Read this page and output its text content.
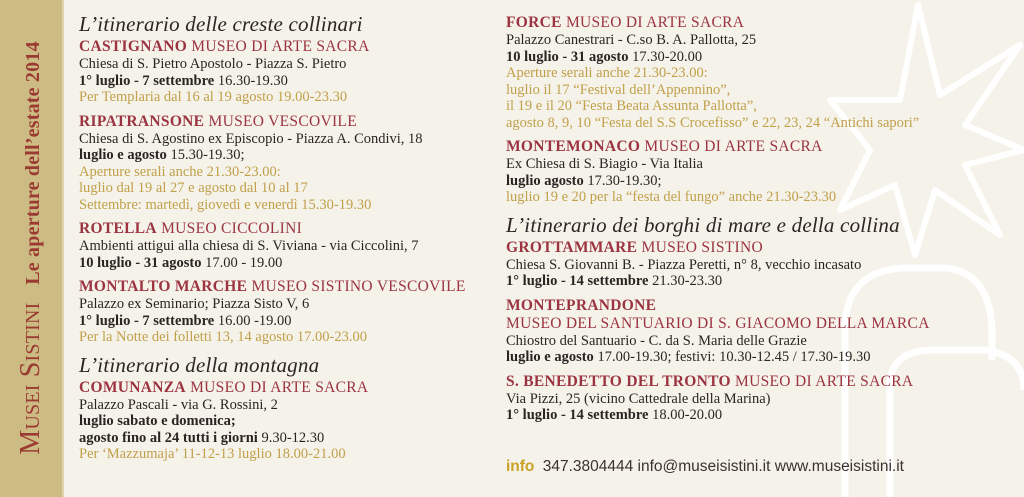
Musei Sistini Le aperture dell’estate 2014
L’itinerario delle creste collinari
CASTIGNANO MUSEO DI ARTE SACRA
Chiesa di S. Pietro Apostolo - Piazza S. Pietro
1° luglio - 7 settembre 16.30-19.30
Per Templaria dal 16 al 19 agosto 19.00-23.30
RIPATRANSONE MUSEO VESCOVILE
Chiesa di S. Agostino ex Episcopio - Piazza A. Condivi, 18
luglio e agosto 15.30-19.30;
Aperture serali anche 21.30-23.00:
luglio dal 19 al 27 e agosto dal 10 al 17
Settembre: martedì, giovedì e venerdì 15.30-19.30
ROTELLA MUSEO CICCOLINI
Ambienti attigui alla chiesa di S. Viviana - via Ciccolini, 7
10 luglio - 31 agosto 17.00 - 19.00
MONTALTO MARCHE MUSEO SISTINO VESCOVILE
Palazzo ex Seminario; Piazza Sisto V, 6
1° luglio - 7 settembre 16.00 -19.00
Per la Notte dei folletti 13, 14 agosto 17.00-23.00
L’itinerario della montagna
COMUNANZA MUSEO DI ARTE SACRA
Palazzo Pascali - via G. Rossini, 2
luglio sabato e domenica;
agosto fino al 24 tutti i giorni 9.30-12.30
Per ‘Mazzumaja’ 11-12-13 luglio 18.00-21.00
FORCE MUSEO DI ARTE SACRA
Palazzo Canestrari - C.so B. A. Pallotta, 25
10 luglio - 31 agosto 17.30-20.00
Aperture serali anche 21.30-23.00:
luglio il 17 “Festival dell’Appennino”,
il 19 e il 20 “Festa Beata Assunta Pallotta”,
agosto 8, 9, 10 “Festa del S.S Crocefisso” e 22, 23, 24 “Antichi sapori”
MONTEMONACO MUSEO DI ARTE SACRA
Ex Chiesa di S. Biagio - Via Italia
luglio agosto 17.30-19.30;
luglio 19 e 20 per la “festa del fungo” anche 21.30-23.30
L’itinerario dei borghi di mare e della collina
GROTTAMMARE MUSEO SISTINO
Chiesa S. Giovanni B. - Piazza Peretti, n° 8, vecchio incasato
1° luglio - 14 settembre 21.30-23.30
MONTEPRANDONE
MUSEO DEL SANTUARIO DI S. GIACOMO DELLA MARCA
Chiostro del Santuario - C. da S. Maria delle Grazie
luglio e agosto 17.00-19.30; festivi: 10.30-12.45 / 17.30-19.30
S. BENEDETTO DEL TRONTO MUSEO DI ARTE SACRA
Via Pizzi, 25 (vicino Cattedrale della Marina)
1° luglio - 14 settembre 18.00-20.00
info 347.3804444 info@museisistini.it www.museisistini.it
